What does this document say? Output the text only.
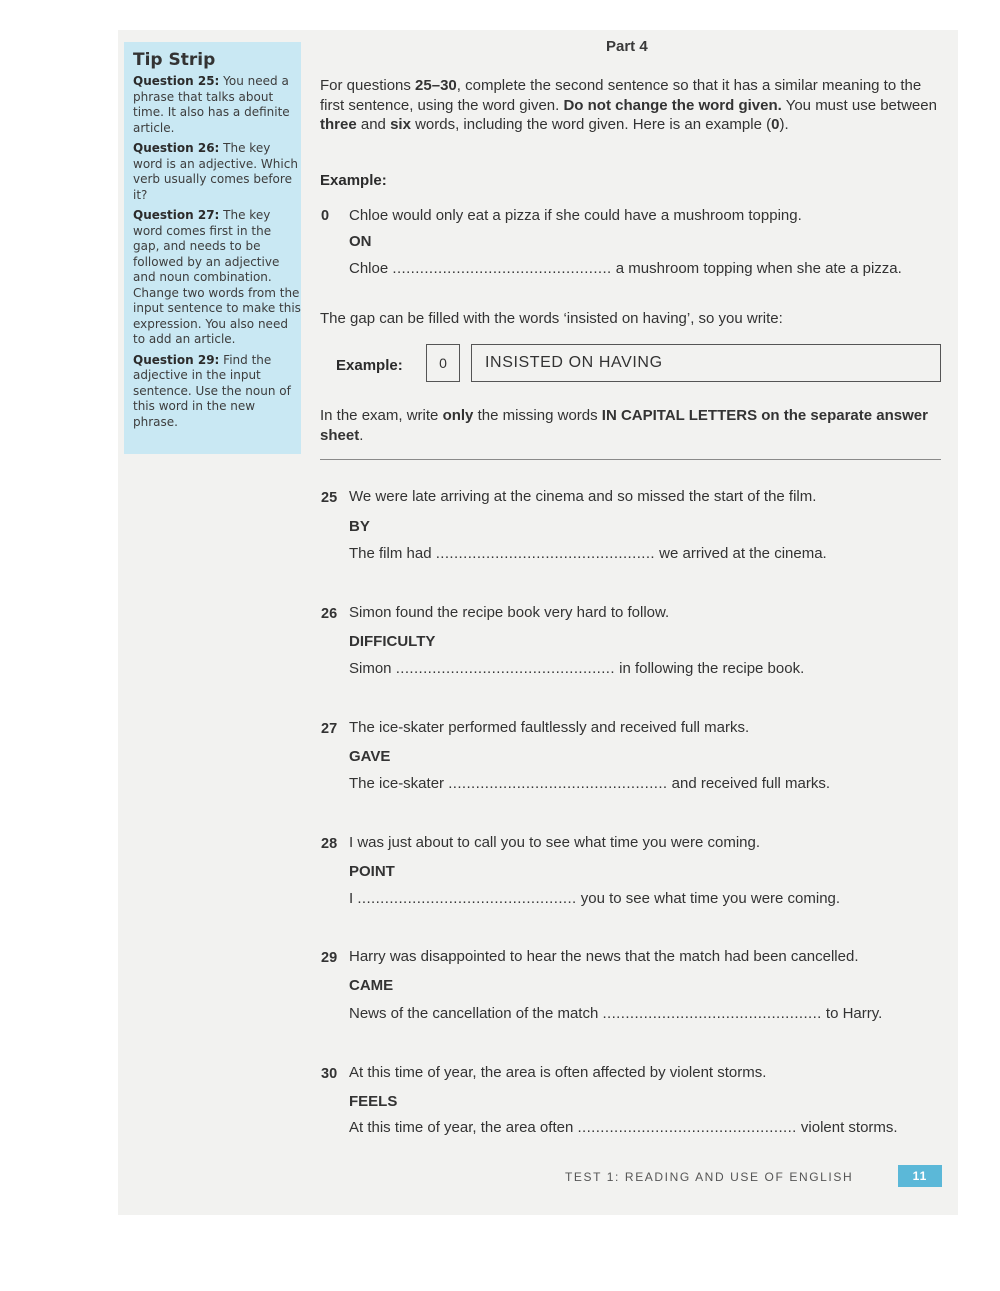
Tip Strip

Question 25: You need a phrase that talks about time. It also has a definite article.

Question 26: The key word is an adjective. Which verb usually comes before it?

Question 27: The key word comes first in the gap, and needs to be followed by an adjective and noun combination. Change two words from the input sentence to make this expression. You also need to add an article.

Question 29: Find the adjective in the input sentence. Use the noun of this word in the new phrase.

Part 4
For questions 25–30, complete the second sentence so that it has a similar meaning to the first sentence, using the word given. Do not change the word given. You must use between three and six words, including the word given. Here is an example (0).
Example:
0 Chloe would only eat a pizza if she could have a mushroom topping.
ON
Chloe ................................................ a mushroom topping when she ate a pizza.
The gap can be filled with the words ‘insisted on having’, so you write:
Example:	0	INSISTED ON HAVING
In the exam, write only the missing words IN CAPITAL LETTERS on the separate answer sheet.
25 We were late arriving at the cinema and so missed the start of the film.
BY
The film had ................................................ we arrived at the cinema.
26 Simon found the recipe book very hard to follow.
DIFFICULTY
Simon ................................................ in following the recipe book.
27 The ice-skater performed faultlessly and received full marks.
GAVE
The ice-skater ................................................ and received full marks.
28 I was just about to call you to see what time you were coming.
POINT
I ................................................ you to see what time you were coming.
29 Harry was disappointed to hear the news that the match had been cancelled.
CAME
News of the cancellation of the match ................................................ to Harry.
30 At this time of year, the area is often affected by violent storms.
FEELS
At this time of year, the area often ................................................ violent storms.
TEST 1: READING AND USE OF ENGLISH	11
